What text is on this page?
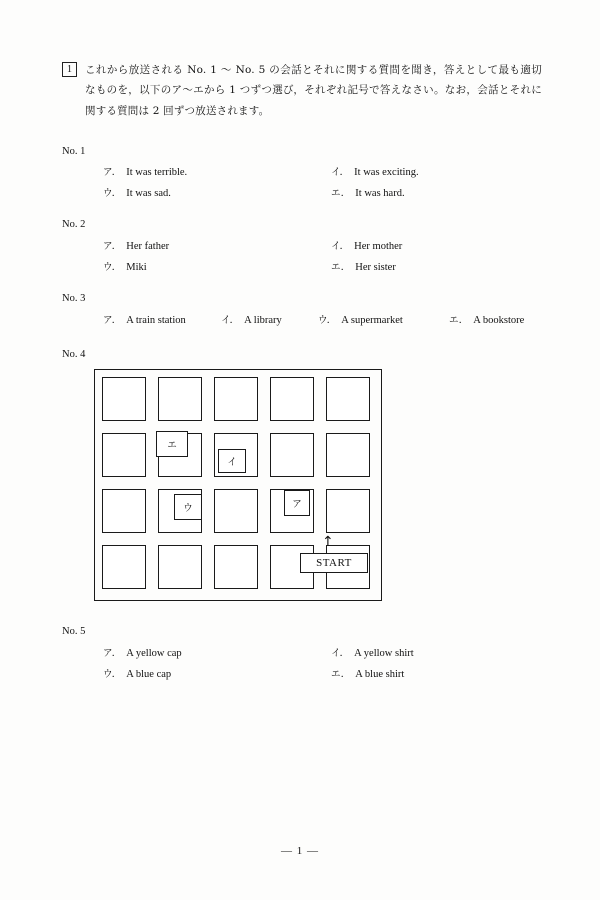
1	これから放送される No. 1 ～ No. 5 の会話とそれに関する質問を聞き，答えとして最も適切なものを，以下のア～エから 1 つずつ選び，それぞれ記号で答えなさい。なお，会話とそれに関する質問は 2 回ずつ放送されます。
No. 1
ア． It was terrible.	イ． It was exciting.
ウ． It was sad.	エ． It was hard.
No. 2
ア． Her father	イ． Her mother
ウ． Miki	エ． Her sister
No. 3
ア． A train station	イ． A library	ウ． A supermarket	エ． A bookstore
No. 4
エ
イ
ウ	ア
↑
START
No. 5
ア． A yellow cap	イ． A yellow shirt
ウ． A blue cap	エ． A blue shirt
— 1 —
